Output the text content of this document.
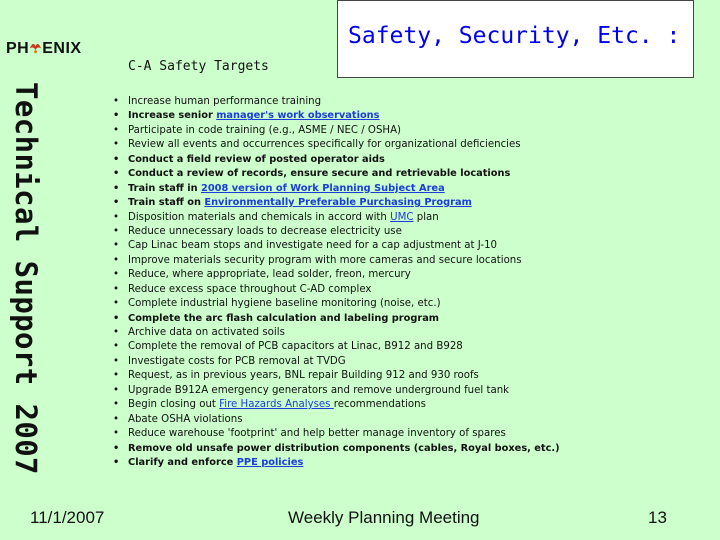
PH ENIX	Safety, Security, Etc. :
C-A Safety Targets
Technical Support 2007
•	Increase human performance training
• Increase senior manager's work observations
• Participate in code training (e.g., ASME / NEC / OSHA)
• Review all events and occurrences specifically for organizational deficiencies
• Conduct a field review of posted operator aids
• Conduct a review of records, ensure secure and retrievable locations
• Train staff in 2008 version of Work Planning Subject Area
• Train staff on Environmentally Preferable Purchasing Program
• Disposition materials and chemicals in accord with UMC plan
• Reduce unnecessary loads to decrease electricity use
• Cap Linac beam stops and investigate need for a cap adjustment at J-10
• Improve materials security program with more cameras and secure locations
• Reduce, where appropriate, lead solder, freon, mercury
• Reduce excess space throughout C-AD complex
• Complete industrial hygiene baseline monitoring (noise, etc.)
• Complete the arc flash calculation and labeling program
• Archive data on activated soils
• Complete the removal of PCB capacitors at Linac, B912 and B928
• Investigate costs for PCB removal at TVDG
• Request, as in previous years, BNL repair Building 912 and 930 roofs
• Upgrade B912A emergency generators and remove underground fuel tank
• Begin closing out Fire Hazards Analyses recommendations
• Abate OSHA violations
• Reduce warehouse 'footprint' and help better manage inventory of spares
• Remove old unsafe power distribution components (cables, Royal boxes, etc.)
• Clarify and enforce PPE policies
11/1/2007	Weekly Planning Meeting	13
